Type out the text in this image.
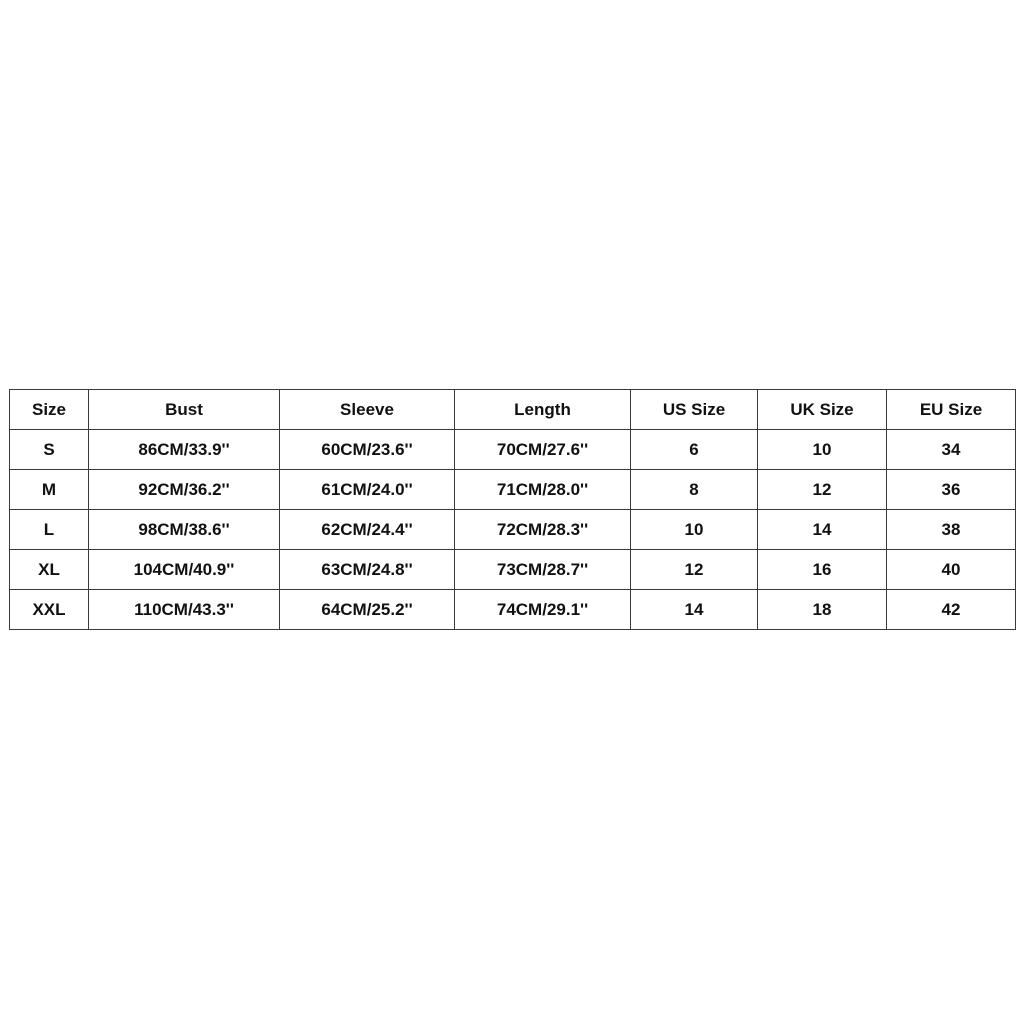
Size	Bust	Sleeve	Length	US Size	UK Size	EU Size
S	86CM/33.9''	60CM/23.6''	70CM/27.6''	6	10	34
M	92CM/36.2''	61CM/24.0''	71CM/28.0''	8	12	36
L	98CM/38.6''	62CM/24.4''	72CM/28.3''	10	14	38
XL	104CM/40.9''	63CM/24.8''	73CM/28.7''	12	16	40
XXL	110CM/43.3''	64CM/25.2''	74CM/29.1''	14	18	42
